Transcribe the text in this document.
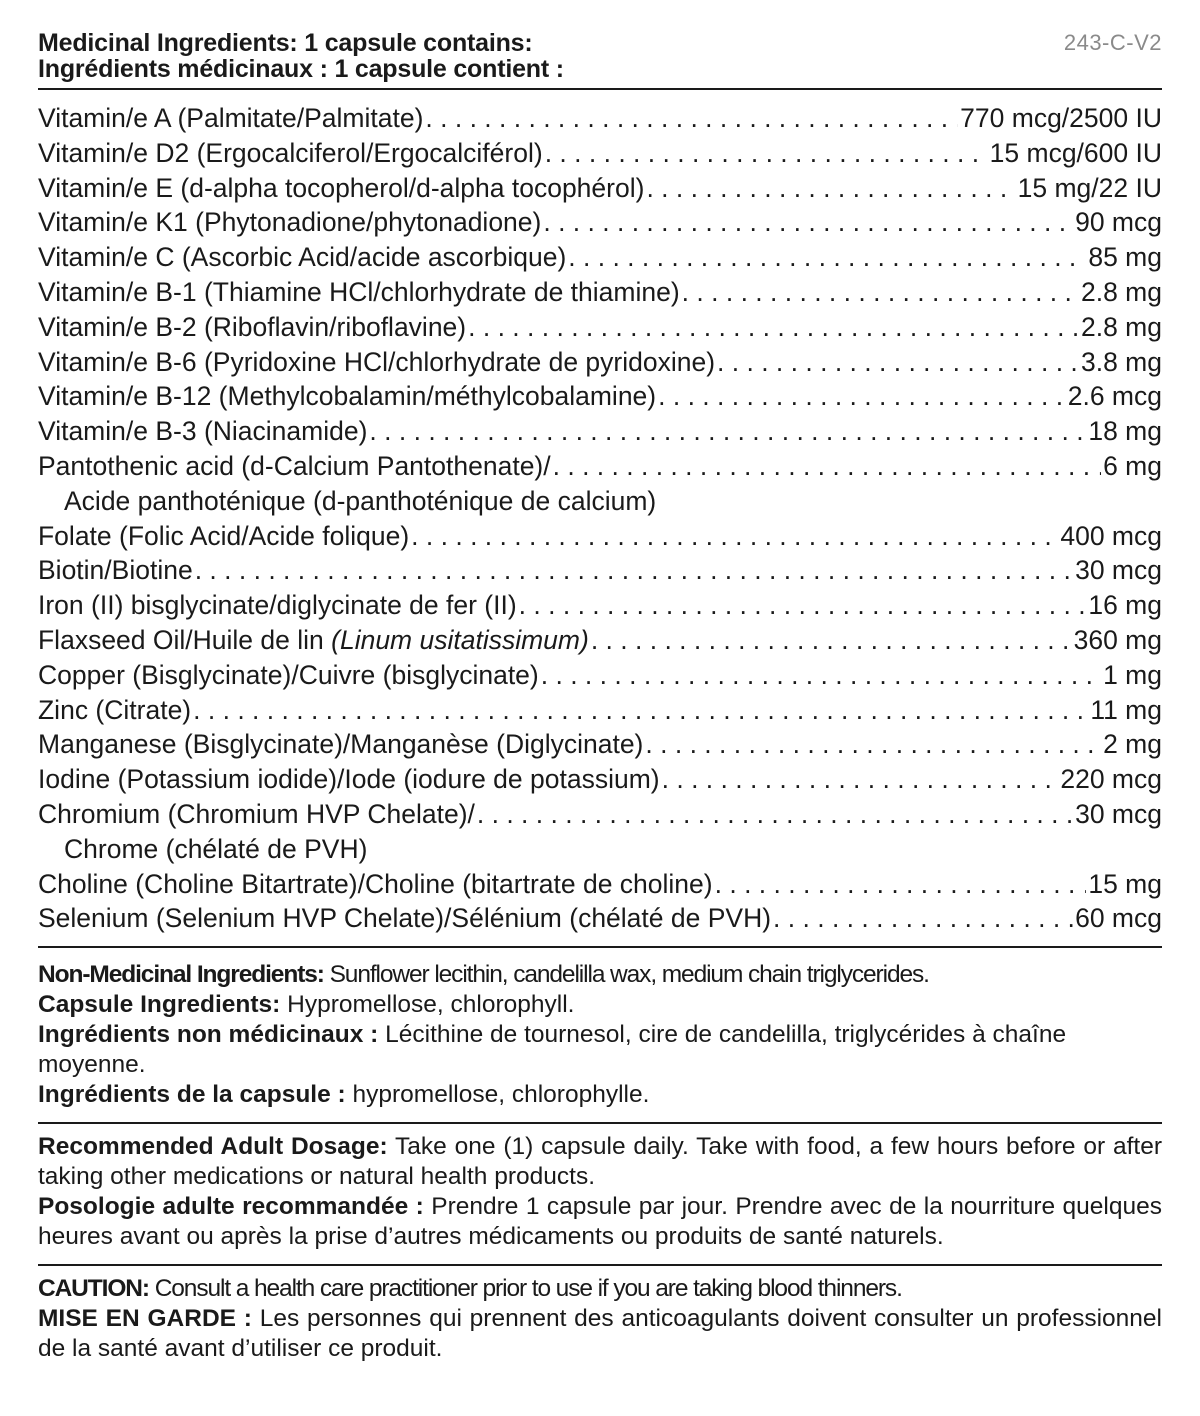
243-C-V2
Medicinal Ingredients: 1 capsule contains:
Ingrédients médicinaux : 1 capsule contient :
Vitamin/e A (Palmitate/Palmitate) . . .	770 mcg/2500 IU
Vitamin/e D2 (Ergocalciferol/Ergocalciférol) . . .	15 mcg/600 IU
Vitamin/e E (d-alpha tocopherol/d-alpha tocophérol) . . .	15 mg/22 IU
Vitamin/e K1 (Phytonadione/phytonadione) . . .	90 mcg
Vitamin/e C (Ascorbic Acid/acide ascorbique) . . .	85 mg
Vitamin/e B-1 (Thiamine HCl/chlorhydrate de thiamine) . . .	2.8 mg
Vitamin/e B-2 (Riboflavin/riboflavine) . . .	2.8 mg
Vitamin/e B-6 (Pyridoxine HCl/chlorhydrate de pyridoxine) . . .	3.8 mg
Vitamin/e B-12 (Methylcobalamin/méthylcobalamine) . . .	2.6 mcg
Vitamin/e B-3 (Niacinamide) . . .	18 mg
Pantothenic acid (d-Calcium Pantothenate)/ . . .	6 mg
Acide panthoténique (d-panthoténique de calcium)
Folate (Folic Acid/Acide folique) . . .	400 mcg
Biotin/Biotine . . .	30 mcg
Iron (II) bisglycinate/diglycinate de fer (II) . . .	16 mg
Flaxseed Oil/Huile de lin (Linum usitatissimum) . . .	360 mg
Copper (Bisglycinate)/Cuivre (bisglycinate) . . .	1 mg
Zinc (Citrate) . . .	11 mg
Manganese (Bisglycinate)/Manganèse (Diglycinate) . . .	2 mg
Iodine (Potassium iodide)/Iode (iodure de potassium) . . .	220 mcg
Chromium (Chromium HVP Chelate)/ . . .	30 mcg
Chrome (chélaté de PVH)
Choline (Choline Bitartrate)/Choline (bitartrate de choline) . . .	15 mg
Selenium (Selenium HVP Chelate)/Sélénium (chélaté de PVH) . . .	60 mcg
Non-Medicinal Ingredients: Sunflower lecithin, candelilla wax, medium chain triglycerides.
Capsule Ingredients: Hypromellose, chlorophyll.
Ingrédients non médicinaux : Lécithine de tournesol, cire de candelilla, triglycérides à chaîne moyenne.
Ingrédients de la capsule : hypromellose, chlorophylle.
Recommended Adult Dosage: Take one (1) capsule daily. Take with food, a few hours before or after taking other medications or natural health products.
Posologie adulte recommandée : Prendre 1 capsule par jour. Prendre avec de la nourriture quelques heures avant ou après la prise d’autres médicaments ou produits de santé naturels.
CAUTION: Consult a health care practitioner prior to use if you are taking blood thinners.
MISE EN GARDE : Les personnes qui prennent des anticoagulants doivent consulter un professionnel de la santé avant d’utiliser ce produit.
